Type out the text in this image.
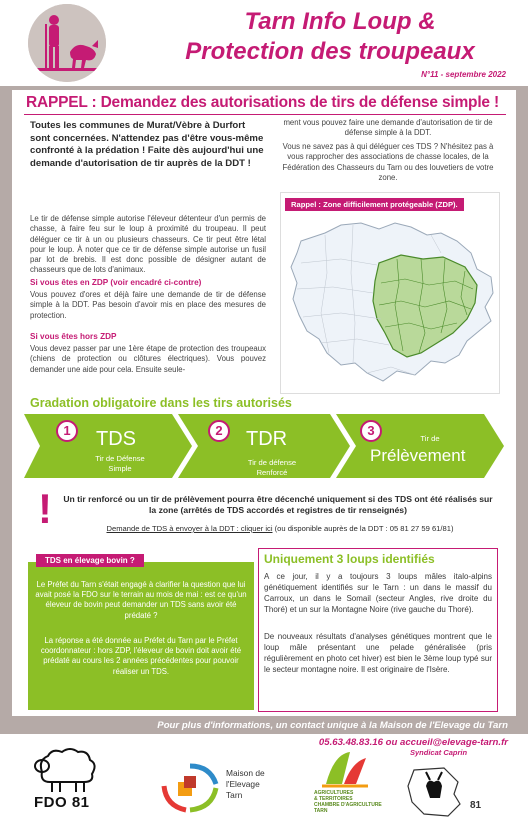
Tarn Info Loup &
Protection des troupeaux
N°11 - septembre 2022
RAPPEL : Demandez des autorisations de tirs de défense simple !
Toutes les communes de Murat/Vèbre à Durfort sont concernées. N'attendez pas d'être vous-même confronté à la prédation ! Faite dès aujourd'hui une demande d'autorisation de tir auprès de la DDT !
Le tir de défense simple autorise l'éleveur détenteur d'un permis de chasse, à faire feu sur le loup à proximité du troupeau. Il peut déléguer ce tir à un ou plusieurs chasseurs. Ce tir peut être létal pour le loup. À noter que ce tir de défense simple autorise un fusil par lot de brebis. Il est donc possible de désigner autant de chasseurs que de lots d'animaux.
Si vous êtes en ZDP (voir encadré ci-contre)
Vous pouvez d'ores et déjà faire une demande de tir de défense simple à la DDT. Pas besoin d'avoir mis en place des mesures de protection.
Si vous êtes hors ZDP
Vous devez passer par une 1ère étape de protection des troupeaux (chiens de protection ou clôtures électriques). Vous pouvez demander une aide pour cela. Ensuite seule-
ment vous pouvez faire une demande d'autorisation de tir de défense simple à la DDT.
Vous ne savez pas à qui déléguer ces TDS ? N'hésitez pas à vous rapprocher des associations de chasse locales, de la Fédération des Chasseurs du Tarn ou des louvetiers de votre zone.
Rappel : Zone difficilement protégeable (ZDP).
Gradation obligatoire dans les tirs autorisés
1	TDS
Tir de Défense
Simple
2	TDR
Tir de défense
Renforcé
3
Tir de
Prélèvement
! Un tir renforcé ou un tir de prélèvement pourra être décenché uniquement si des TDS ont été réalisés sur la zone (arrêtés de TDS accordés et registres de tir renseignés)
Demande de TDS à envoyer à la DDT : cliquer ici (ou disponible auprès de la DDT : 05 81 27 59 61/81)
TDS en élevage bovin ?
Le Préfet du Tarn s'était engagé à clarifier la question que lui avait posé la FDO sur le terrain au mois de mai : est ce qu'un éleveur de bovin peut demander un TDS sans avoir été prédaté ?
La réponse a été donnée au Préfet du Tarn par le Préfet coordonnateur : hors ZDP, l'éleveur de bovin doit avoir été prédaté au cours les 2 années précédentes pour pouvoir réaliser un TDS.
Uniquement 3 loups identifiés
A ce jour, il y a toujours 3 loups mâles italo-alpins génétiquement identifiés sur le Tarn : un dans le massif du Carroux, un dans le Somail (secteur Angles, rive droite du Thoré) et un sur la Montagne Noire (rive gauche du Thoré).
De nouveaux résultats d'analyses génétiques montrent que le loup mâle présentant une pelade généralisée (pris régulièrement en photo cet hiver) est bien le 3ème loup typé sur le secteur montagne noire. Il est originaire de l'Isère.
Pour plus d'informations, un contact unique à la Maison de l'Elevage du Tarn
05.63.48.83.16 ou accueil@elevage-tarn.fr
FDO 81
Maison de
l'Elevage
Tarn	AGRICULTURES
& TERRITOIRES
CHAMBRE D'AGRICULTURE
TARN
Syndicat Caprin
81
